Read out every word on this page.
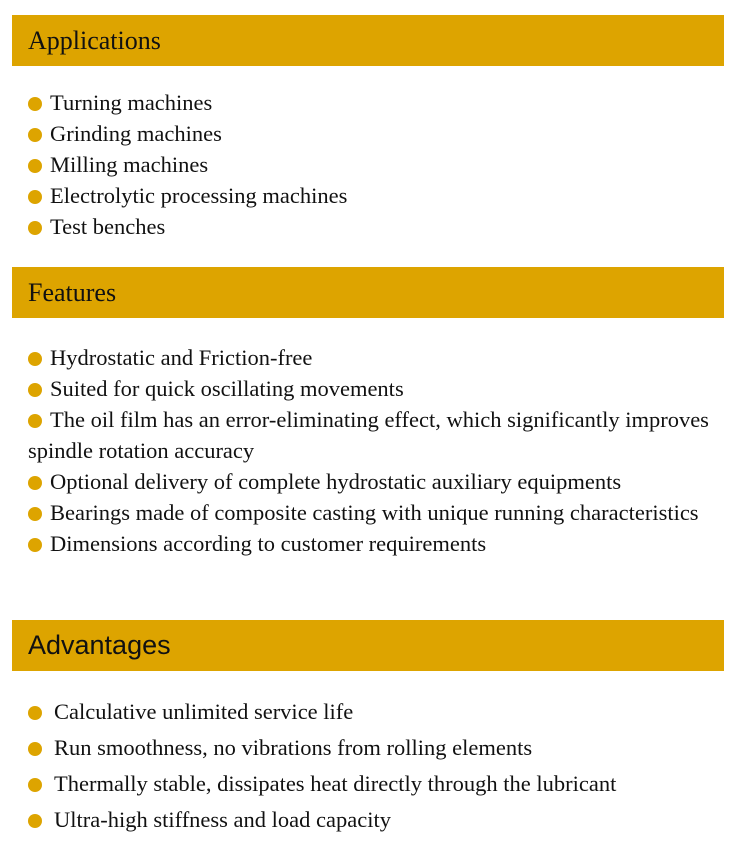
Applications
Turning machines
Grinding machines
Milling machines
Electrolytic processing machines
Test benches
Features
Hydrostatic and Friction-free
Suited for quick oscillating movements
The oil film has an error-eliminating effect, which significantly improves spindle rotation accuracy
Optional delivery of complete hydrostatic auxiliary equipments
Bearings made of composite casting with unique running characteristics
Dimensions according to customer requirements
Advantages
Calculative unlimited service life
Run smoothness, no vibrations from rolling elements
Thermally stable, dissipates heat directly through the lubricant
Ultra-high stiffness and load capacity
